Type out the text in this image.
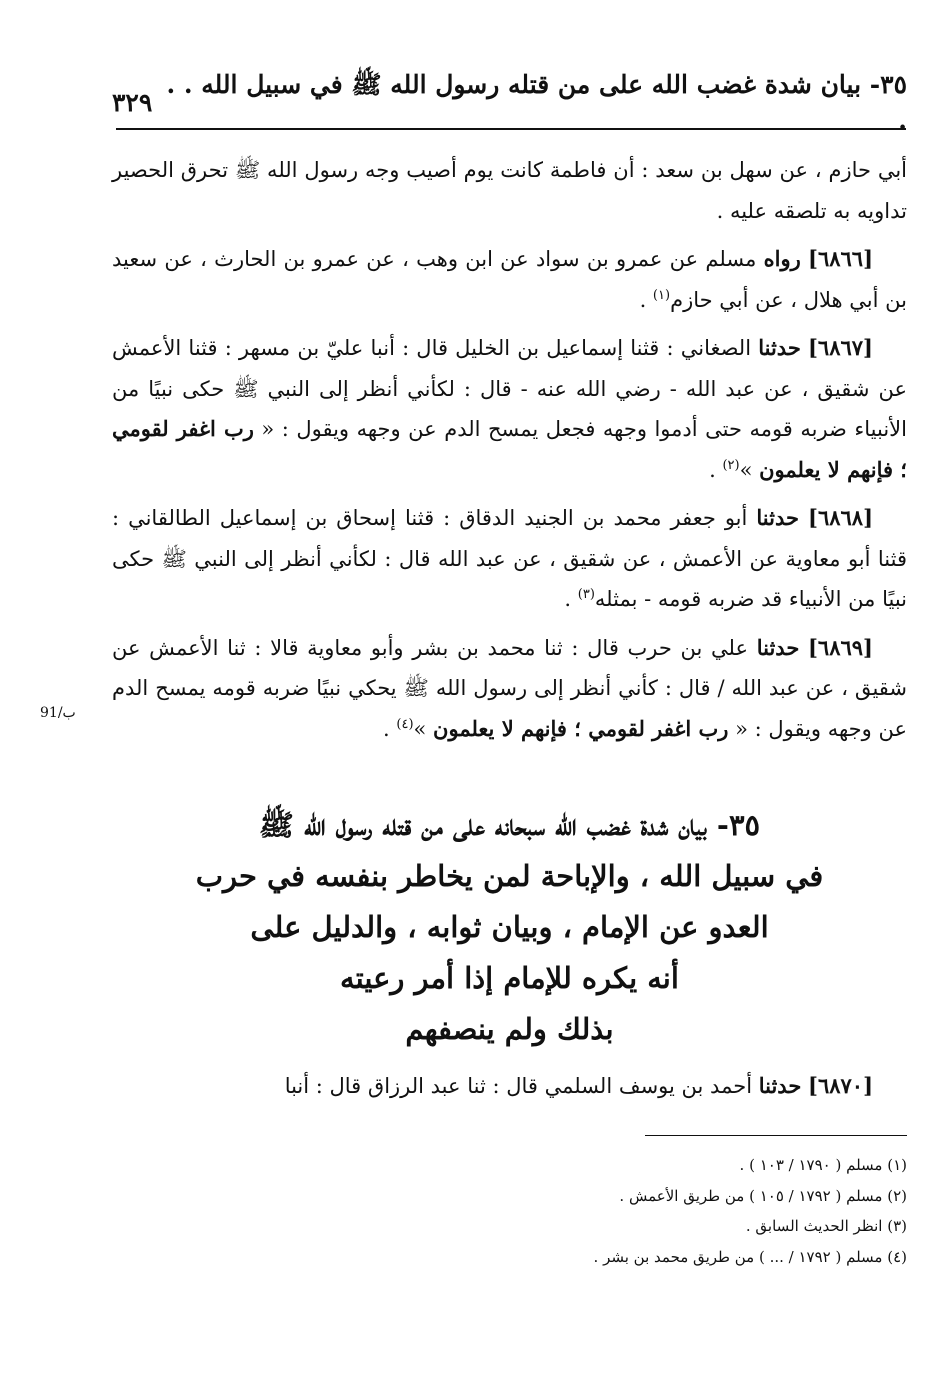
٣٥- بيان شدة غضب الله على من قتله رسول الله ﷺ في سبيل الله . . .
٣٢٩

أبي حازم ، عن سهل بن سعد : أن فاطمة كانت يوم أصيب وجه رسول الله ﷺ تحرق الحصير تداويه به تلصقه عليه .

[٦٨٦٦] رواه مسلم عن عمرو بن سواد عن ابن وهب ، عن عمرو بن الحارث ، عن سعيد بن أبي هلال ، عن أبي حازم$^{(١)}$ .

[٦٨٦٧] حدثنا الصغاني : قثنا إسماعيل بن الخليل قال : أنبا عليّ بن مسهر : قثنا الأعمش عن شقيق ، عن عبد الله - رضي الله عنه - قال : لكأني أنظر إلى النبي ﷺ حكى نبيًا من الأنبياء ضربه قومه حتى أدموا وجهه فجعل يمسح الدم عن وجهه ويقول : « رب اغفر لقومي ؛ فإنهم لا يعلمون »$^{(٢)}$ .

[٦٨٦٨] حدثنا أبو جعفر محمد بن الجنيد الدقاق : قثنا إسحاق بن إسماعيل الطالقاني : قثنا أبو معاوية عن الأعمش ، عن شقيق ، عن عبد الله قال : لكأني أنظر إلى النبي ﷺ حكى نبيًا من الأنبياء قد ضربه قومه - بمثله$^{(٣)}$ .

[٦٨٦٩] حدثنا علي بن حرب قال : ثنا محمد بن بشر وأبو معاوية قالا : ثنا الأعمش عن شقيق ، عن عبد الله / قال : كأني أنظر إلى رسول الله ﷺ يحكي نبيًا ضربه قومه يمسح الدم عن وجهه ويقول : « رب اغفر لقومي ؛ فإنهم لا يعلمون »$^{(٤)}$ .

91/ب
٣٥- بيان شدة غضب الله سبحانه على من قتله رسول الله ﷺ
في سبيل الله ، والإباحة لمن يخاطر بنفسه في حرب
العدو عن الإمام ، وبيان ثوابه ، والدليل على
أنه يكره للإمام إذا أمر رعيته
بذلك ولم ينصفهم
[٦٨٧٠] حدثنا أحمد بن يوسف السلمي قال : ثنا عبد الرزاق قال : أنبا

(١) مسلم ( ١٧٩٠ / ١٠٣ ) .

(٢) مسلم ( ١٧٩٢ / ١٠٥ ) من طريق الأعمش .

(٣) انظر الحديث السابق .

(٤) مسلم ( ١٧٩٢ / ... ) من طريق محمد بن بشر .
